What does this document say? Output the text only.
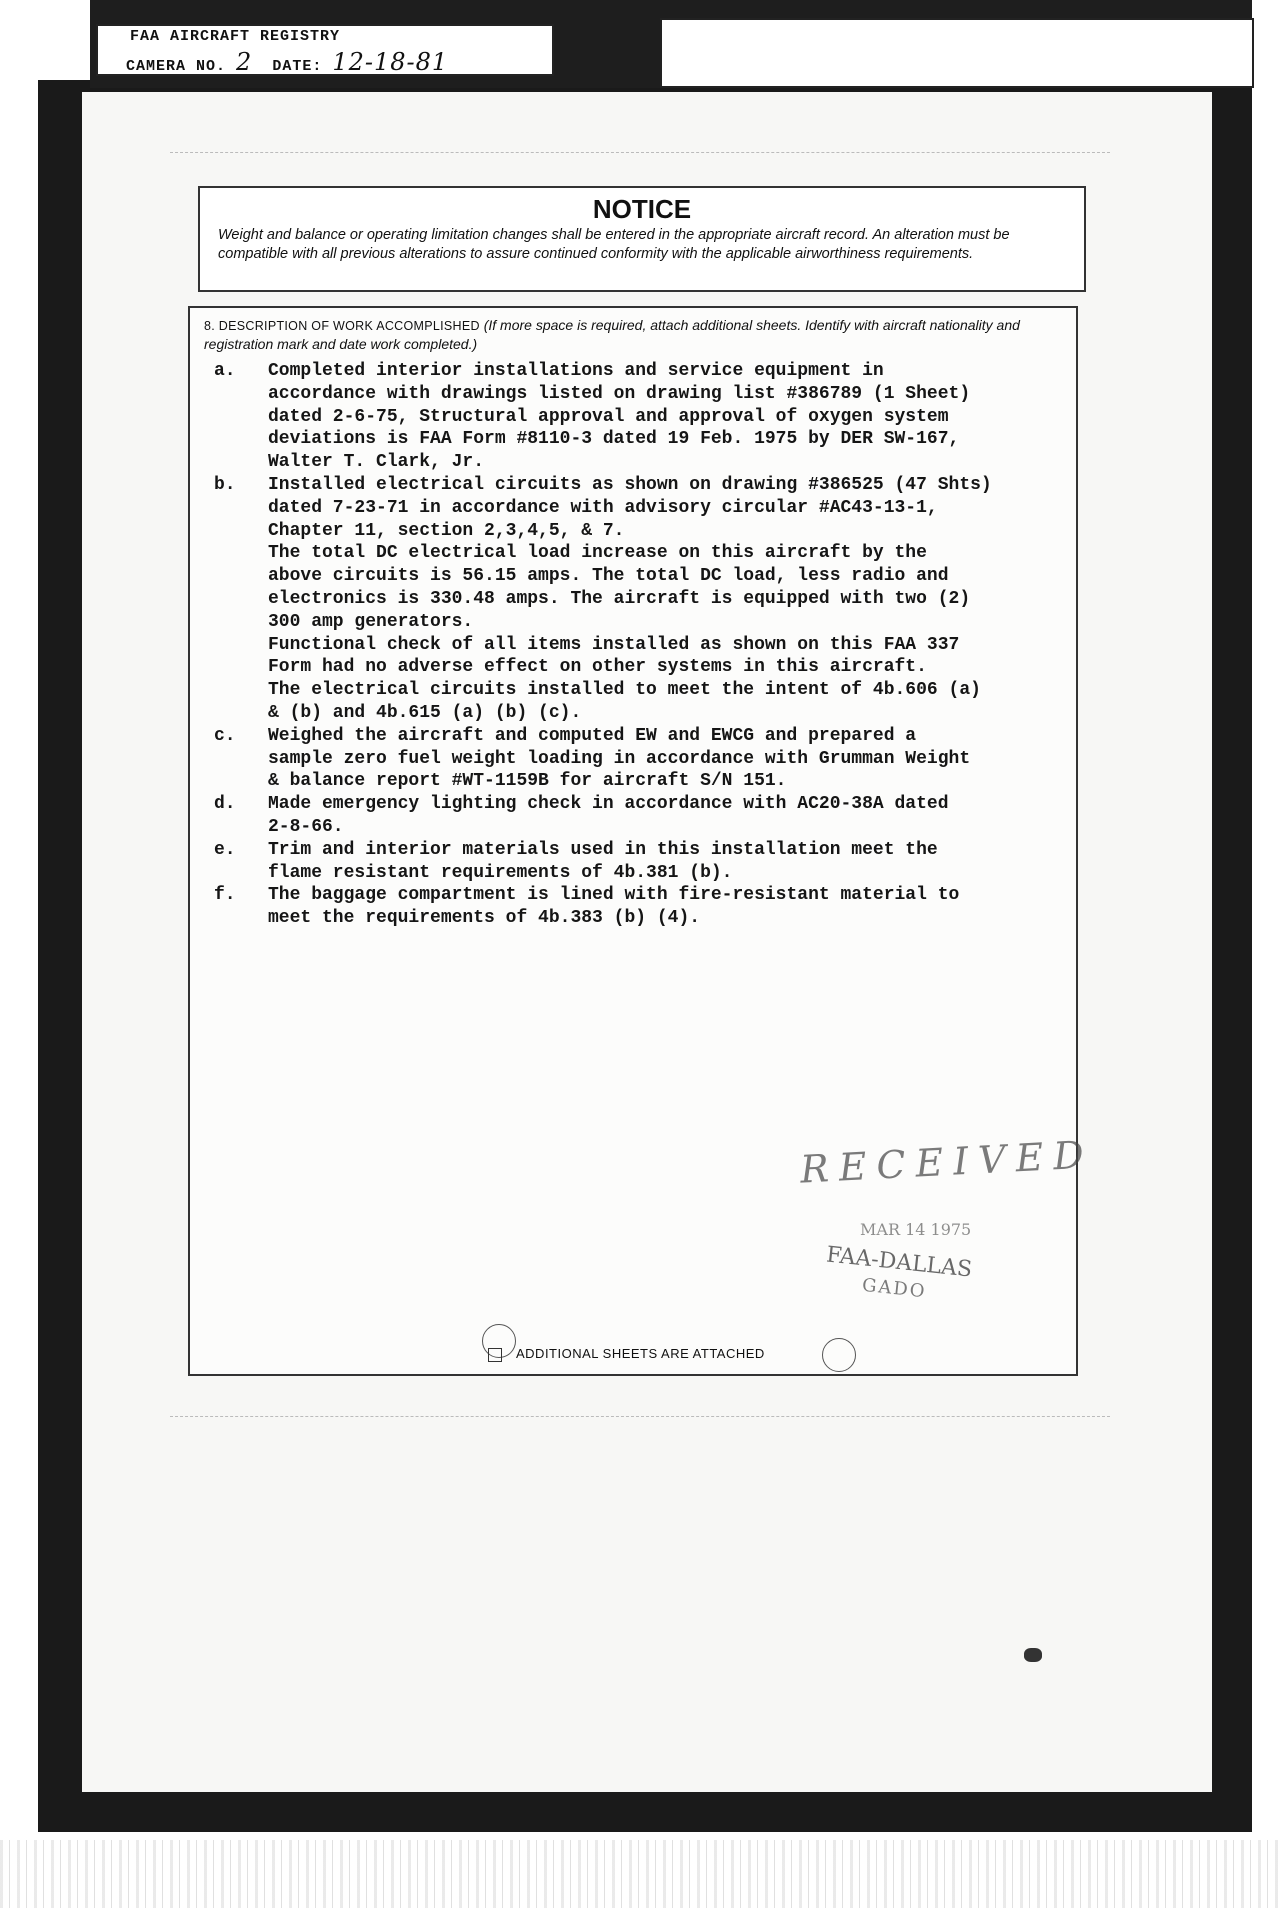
FAA AIRCRAFT REGISTRY
CAMERA NO. 2 DATE: 12-18-81
NOTICE

Weight and balance or operating limitation changes shall be entered in the appropriate aircraft record. An alteration must be compatible with all previous alterations to assure continued conformity with the applicable airworthiness requirements.

8. DESCRIPTION OF WORK ACCOMPLISHED (If more space is required, attach additional sheets. Identify with aircraft nationality and registration mark and date work completed.)
a. Completed interior installations and service equipment in
accordance with drawings listed on drawing list #386789 (1 Sheet)
dated 2-6-75, Structural approval and approval of oxygen system
deviations is FAA Form #8110-3 dated 19 Feb. 1975 by DER SW-167,
Walter T. Clark, Jr.
b. Installed electrical circuits as shown on drawing #386525 (47 Shts)
dated 7-23-71 in accordance with advisory circular #AC43-13-1,
Chapter 11, section 2,3,4,5, & 7.
The total DC electrical load increase on this aircraft by the
above circuits is 56.15 amps. The total DC load, less radio and
electronics is 330.48 amps. The aircraft is equipped with two (2)
300 amp generators.
Functional check of all items installed as shown on this FAA 337
Form had no adverse effect on other systems in this aircraft.
The electrical circuits installed to meet the intent of 4b.606 (a)
& (b) and 4b.615 (a) (b) (c).
c. Weighed the aircraft and computed EW and EWCG and prepared a
sample zero fuel weight loading in accordance with Grumman Weight
& balance report #WT-1159B for aircraft S/N 151.
d. Made emergency lighting check in accordance with AC20-38A dated
2-8-66.
e. Trim and interior materials used in this installation meet the
flame resistant requirements of 4b.381 (b).
f. The baggage compartment is lined with fire-resistant material to
meet the requirements of 4b.383 (b) (4).
RECEIVED
MAR 14 1975
FAA-DALLAS
GADO
ADDITIONAL SHEETS ARE ATTACHED
